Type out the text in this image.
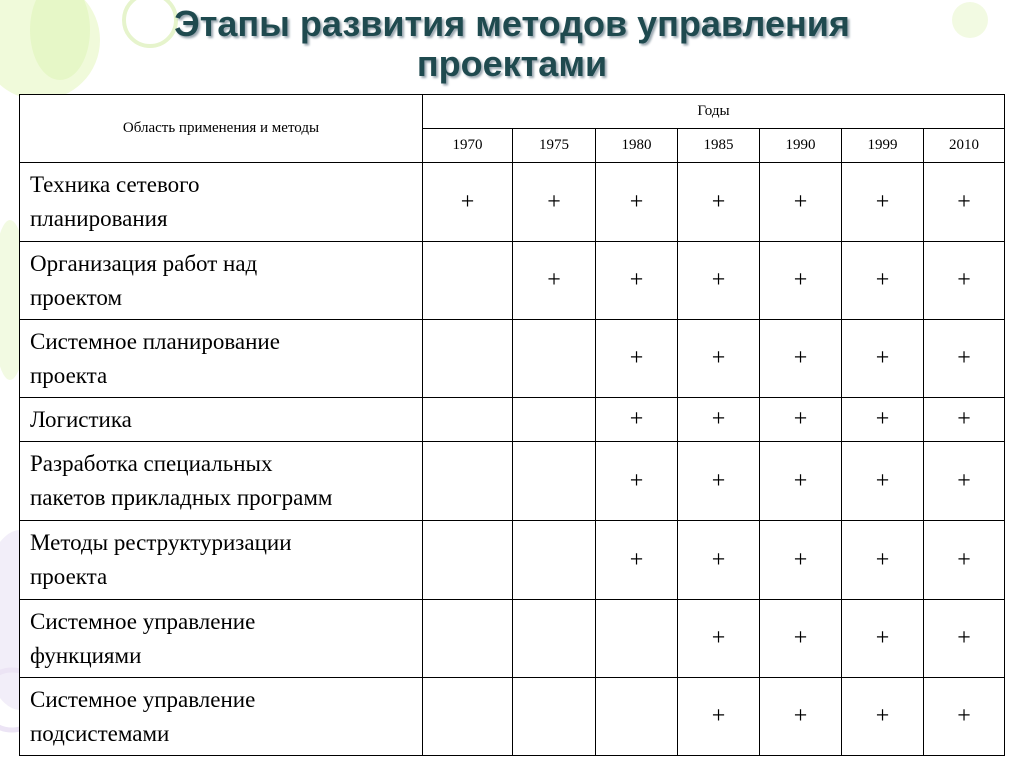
Этапы развития методов управления
проектами
Область применения и методы	Годы						
	1970	1975	1980	1985	1990	1999	2010
Техника сетевого
планирования	+	+	+	+	+	+	+
Организация работ над
проектом		+	+	+	+	+	+
Системное планирование
проекта			+	+	+	+	+
Логистика			+	+	+	+	+
Разработка специальных
пакетов прикладных программ			+	+	+	+	+
Методы реструктуризации
проекта			+	+	+	+	+
Системное управление
функциями				+	+	+	+
Системное управление
подсистемами				+	+	+	+
